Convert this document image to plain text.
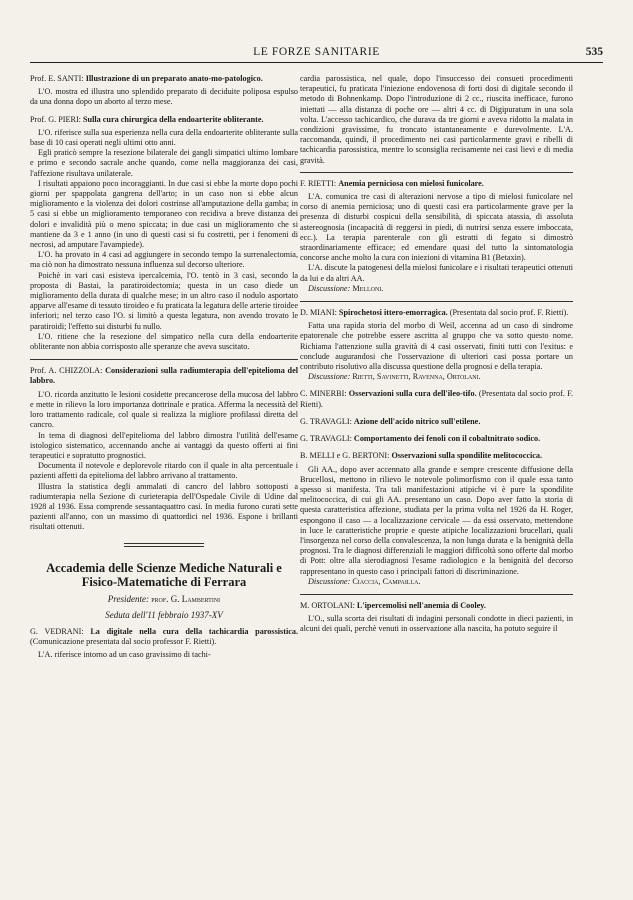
LE FORZE SANITARIE	535

Prof. E. SANTI: Illustrazione di un preparato anato-mo-patologico.

L'O. mostra ed illustra uno splendido preparato di deciduite poliposa espulso da una donna dopo un aborto al terzo mese.

Prof. G. PIERI: Sulla cura chirurgica della endoarterite obliterante.

L'O. riferisce sulla sua esperienza nella cura della endoarterite obliterante sulla base di 10 casi operati negli ultimi otto anni.

Egli praticò sempre la resezione bilaterale dei gangli simpatici ultimo lombare e primo e secondo sacrale anche quando, come nella maggioranza dei casi, l'affezione risultava unilaterale.

I risultati appaiono poco incoraggianti. In due casi si ebbe la morte dopo pochi giorni per spappolata gangrena dell'arto; in un caso non si ebbe alcun miglioramento e la violenza dei dolori costrinse all'amputazione della gamba; in 5 casi si ebbe un miglioramento temporaneo con recidiva a breve distanza dei dolori e invalidità più o meno spiccata; in due casi un miglioramento che si mantiene da 3 e 1 anno (in uno di questi casi si fu costretti, per i fenomeni di necrosi, ad amputare l'avampiede).

L'O. ha provato in 4 casi ad aggiungere in secondo tempo la surrenalectomia, ma ciò non ha dimostrato nessuna influenza sul decorso ulteriore.

Poichè in vari casi esisteva ipercalcemia, l'O. tentò in 3 casi, secondo la proposta di Bastai, la paratiroidectomia; questa in un caso diede un miglioramento della durata di qualche mese; in un altro caso il nodulo asportato apparve all'esame di tessuto tiroideo e fu praticata la legatura delle arterie tiroidee inferiori; nel terzo caso l'O. si limitò a questa legatura, non avendo trovato le paratiroidi; l'effetto sui disturbi fu nullo.

L'O. ritiene che la resezione del simpatico nella cura della endoarterite obliterante non abbia corrisposto alle speranze che aveva suscitato.

Prof. A. CHIZZOLA: Considerazioni sulla radiumterapia dell'epitelioma del labbro.

L'O. ricorda anzitutto le lesioni cosidette precancerose della mucosa del labbro e mette in rilievo la loro importanza dottrinale e pratica. Afferma la necessità del loro trattamento radicale, col quale si realizza la migliore profilassi diretta del cancro.

In tema di diagnosi dell'epitelioma del labbro dimostra l'utilità dell'esame istologico sistematico, accennando anche ai vantaggi da questo offerti ai fini terapeutici e sopratutto prognostici.

Documenta il notevole e deplorevole ritardo con il quale in alta percentuale i pazienti affetti da epitelioma del labbro arrivano al trattamento.

Illustra la statistica degli ammalati di cancro del labbro sottoposti a radiumterapia nella Sezione di curieterapia dell'Ospedale Civile di Udine dal 1928 al 1936. Essa comprende sessantaquattro casi. In media furono curati sette pazienti all'anno, con un massimo di quattordici nel 1936. Espone i brillanti risultati ottenuti.

Accademia delle Scienze Mediche Naturali e Fisico-Matematiche di Ferrara
Presidente: prof. G. Lambertini
Seduta dell'11 febbraio 1937-XV

G. VEDRANI: La digitale nella cura della tachicardia parossistica. (Comunicazione presentata dal socio professor F. Rietti).

L'A. riferisce intorno ad un caso gravissimo di tachi-

cardia parossistica, nel quale, dopo l'insuccesso dei consueti procedimenti terapeutici, fu praticata l'iniezione endovenosa di forti dosi di digitale secondo il metodo di Bohnenkamp. Dopo l'introduzione di 2 cc., riuscita inefficace, furono iniettati — alla distanza di poche ore — altri 4 cc. di Digipuratum in una sola volta. L'accesso tachicardico, che durava da tre giorni e aveva ridotto la malata in condizioni gravissime, fu troncato istantaneamente e durevolmente. L'A. raccomanda, quindi, il procedimento nei casi particolarmente gravi e ribelli di tachicardia parossistica, mentre lo sconsiglia recisamente nei casi lievi e di media gravità.

F. RIETTI: Anemia perniciosa con mielosi funicolare.

L'A. comunica tre casi di alterazioni nervose a tipo di mielosi funicolare nel corso di anemia perniciosa; uno di questi casi era particolarmente grave per la presenza di disturbi cospicui della sensibilità, di spiccata atassia, di assoluta astereognosia (incapacità di reggersi in piedi, di nutrirsi senza essere imboccata, ecc.). La terapia parenterale con gli estratti di fegato si dimostrò straordinariamente efficace; ed emendare quasi del tutto la sintomatologia concorse anche molto la cura con iniezioni di vitamina B1 (Betaxin).

L'A. discute la patogenesi della mielosi funicolare e i risultati terapeutici ottenuti da lui e da altri AA.

Discussione: Melloni.

D. MIANI: Spirochetosi ittero-emorragica. (Presentata dal socio prof. F. Rietti).

Fatta una rapida storia del morbo di Weil, accenna ad un caso di sindrome epatorenale che potrebbe essere ascritta al gruppo che va sotto questo nome. Richiama l'attenzione sulla gravità di 4 casi osservati, finiti tutti con l'exitus: e conclude augurandosi che l'osservazione di ulteriori casi possa portare un contributo risolutivo alla discussa questione della prognosi e della terapia.

Discussione: Rietti, Savinetti, Ravenna, Ortolani.

C. MINERBI: Osservazioni sulla cura dell'ileo-tifo. (Presentata dal socio prof. F. Rietti).

G. TRAVAGLI: Azione dell'acido nitrico sull'etilene.

G. TRAVAGLI: Comportamento dei fenoli con il cobaltnitrato sodico.

B. MELLI e G. BERTONI: Osservazioni sulla spondilite melitococcica.

Gli AA., dopo aver accennato alla grande e sempre crescente diffusione della Brucellosi, mettono in rilievo le notevole polimorfismo con il quale essa tanto spesso si manifesta. Tra tali manifestazioni atipiche vi è pure la spondilite melitococcica, di cui gli AA. presentano un caso. Dopo aver fatto la storia di questa caratteristica affezione, studiata per la prima volta nel 1926 da H. Roger, espongono il caso — a localizzazione cervicale — da essi osservato, mettendone in luce le caratteristiche proprie e queste atipiche localizzazioni brucellari, quali l'insorgenza nel corso della convalescenza, la non lunga durata e la benignità della prognosi. Tra le diagnosi differenziali le maggiori difficoltà sono offerte dal morbo di Pott: oltre alla sierodiagnosi l'esame radiologico e la benignità del decorso rappresentano in questo caso i principali fattori di discriminazione.

Discussione: Ciaccia, Campailla.

M. ORTOLANI: L'ipercemolisi nell'anemia di Cooley.

L'O., sulla scorta dei risultati di indagini personali condotte in dieci pazienti, in alcuni dei quali, perchè venuti in osservazione alla nascita, ha potuto seguire il
